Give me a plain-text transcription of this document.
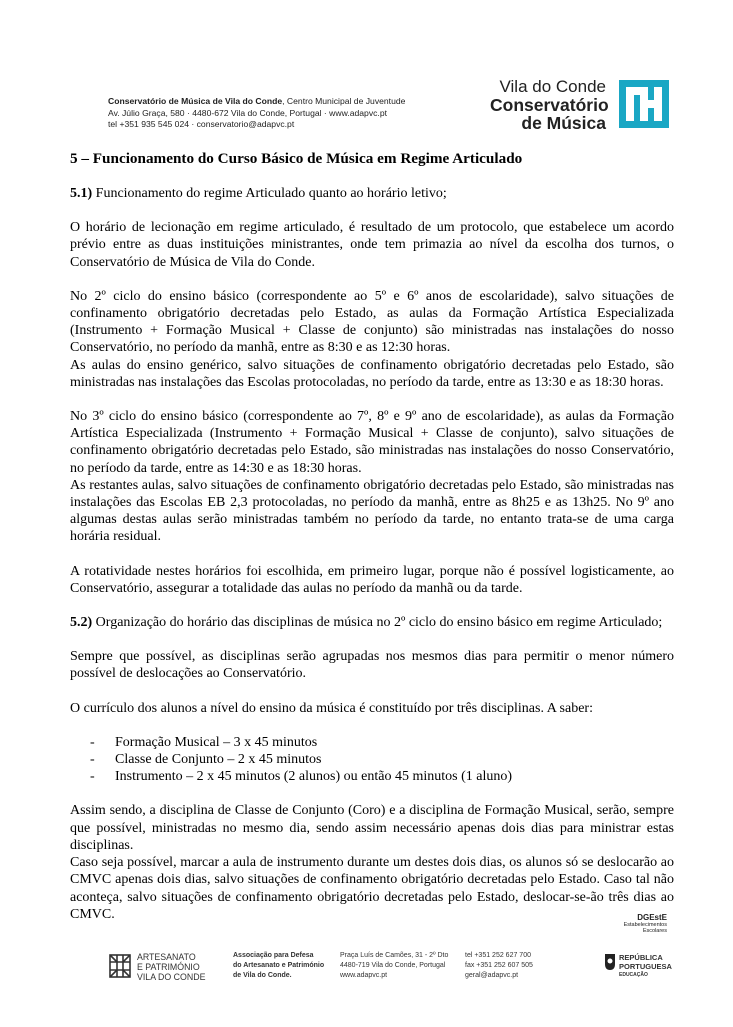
Conservatório de Música de Vila do Conde, Centro Municipal de Juventude
Av. Júlio Graça, 580 · 4480-672 Vila do Conde, Portugal · www.adapvc.pt
tel +351 935 545 024 · conservatorio@adapvc.pt
Vila do Conde
Conservatório
de Música
5 – Funcionamento do Curso Básico de Música em Regime Articulado

5.1) Funcionamento do regime Articulado quanto ao horário letivo;

O horário de lecionação em regime articulado, é resultado de um protocolo, que estabelece um acordo prévio entre as duas instituições ministrantes, onde tem primazia ao nível da escolha dos turnos, o Conservatório de Música de Vila do Conde.

No 2º ciclo do ensino básico (correspondente ao 5º e 6º anos de escolaridade), salvo situações de confinamento obrigatório decretadas pelo Estado, as aulas da Formação Artística Especializada (Instrumento + Formação Musical + Classe de conjunto) são ministradas nas instalações do nosso Conservatório, no período da manhã, entre as 8:30 e as 12:30 horas.

As aulas do ensino genérico, salvo situações de confinamento obrigatório decretadas pelo Estado, são ministradas nas instalações das Escolas protocoladas, no período da tarde, entre as 13:30 e as 18:30 horas.

No 3º ciclo do ensino básico (correspondente ao 7º, 8º e 9º ano de escolaridade), as aulas da Formação Artística Especializada (Instrumento + Formação Musical + Classe de conjunto), salvo situações de confinamento obrigatório decretadas pelo Estado, são ministradas nas instalações do nosso Conservatório, no período da tarde, entre as 14:30 e as 18:30 horas.

As restantes aulas, salvo situações de confinamento obrigatório decretadas pelo Estado, são ministradas nas instalações das Escolas EB 2,3 protocoladas, no período da manhã, entre as 8h25 e as 13h25. No 9º ano algumas destas aulas serão ministradas também no período da tarde, no entanto trata-se de uma carga horária residual.

A rotatividade nestes horários foi escolhida, em primeiro lugar, porque não é possível logisticamente, ao Conservatório, assegurar a totalidade das aulas no período da manhã ou da tarde.

5.2) Organização do horário das disciplinas de música no 2º ciclo do ensino básico em regime Articulado;

Sempre que possível, as disciplinas serão agrupadas nos mesmos dias para permitir o menor número possível de deslocações ao Conservatório.

O currículo dos alunos a nível do ensino da música é constituído por três disciplinas. A saber:

- Formação Musical – 3 x 45 minutos
- Classe de Conjunto – 2 x 45 minutos
- Instrumento – 2 x 45 minutos (2 alunos) ou então 45 minutos (1 aluno)

Assim sendo, a disciplina de Classe de Conjunto (Coro) e a disciplina de Formação Musical, serão, sempre que possível, ministradas no mesmo dia, sendo assim necessário apenas dois dias para ministrar estas disciplinas.

Caso seja possível, marcar a aula de instrumento durante um destes dois dias, os alunos só se deslocarão ao CMVC apenas dois dias, salvo situações de confinamento obrigatório decretadas pelo Estado. Caso tal não aconteça, salvo situações de confinamento obrigatório decretadas pelo Estado, deslocar-se-ão três dias ao CMVC.	DGEstE
Estabelecimentos Escolares
ARTESANATO
E PATRIMÓNIO
VILA DO CONDE
Associação para Defesa
do Artesanato e Património
de Vila do Conde.
Praça Luís de Camões, 31 - 2º Dto
4480-719 Vila do Conde, Portugal
www.adapvc.pt
tel +351 252 627 700
fax +351 252 607 505
geral@adapvc.pt
REPÚBLICA
PORTUGUESA
EDUCAÇÃO
